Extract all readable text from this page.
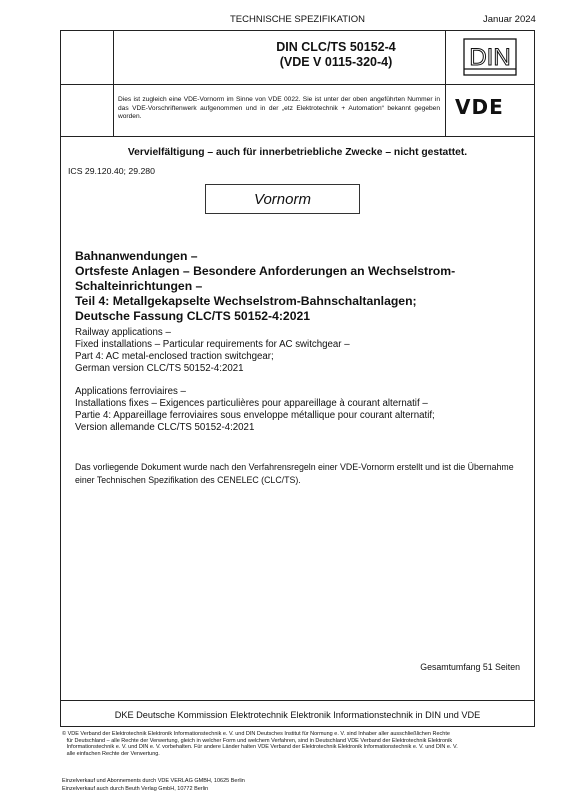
TECHNISCHE SPEZIFIKATION	Januar 2024
DIN CLC/TS 50152-4
(VDE V 0115-320-4)	DIN
Dies ist zugleich eine VDE-Vornorm im Sinne von VDE 0022. Sie ist unter der oben angeführten Nummer in das VDE-Vorschriftenwerk aufgenommen und in der „etz Elektrotechnik + Automation“ bekannt gegeben worden.	VDE
Vervielfältigung – auch für innerbetriebliche Zwecke – nicht gestattet.
ICS 29.120.40; 29.280
Vornorm
Bahnanwendungen –
Ortsfeste Anlagen – Besondere Anforderungen an Wechselstrom-
Schalteinrichtungen –
Teil 4: Metallgekapselte Wechselstrom-Bahnschaltanlagen;
Deutsche Fassung CLC/TS 50152-4:2021
Railway applications –
Fixed installations – Particular requirements for AC switchgear –
Part 4: AC metal-enclosed traction switchgear;
German version CLC/TS 50152-4:2021
Applications ferroviaires –
Installations fixes – Exigences particulières pour appareillage à courant alternatif –
Partie 4: Appareillage ferroviaires sous enveloppe métallique pour courant alternatif;
Version allemande CLC/TS 50152-4:2021
Das vorliegende Dokument wurde nach den Verfahrensregeln einer VDE-Vornorm erstellt und ist die Übernahme einer Technischen Spezifikation des CENELEC (CLC/TS).
Gesamtumfang 51 Seiten
DKE Deutsche Kommission Elektrotechnik Elektronik Informationstechnik in DIN und VDE
© VDE Verband der Elektrotechnik Elektronik Informationstechnik e. V. und DIN Deutsches Institut für Normung e. V. sind Inhaber aller ausschließlichen Rechte
für Deutschland – alle Rechte der Verwertung, gleich in welcher Form und welchem Verfahren, sind in Deutschland VDE Verband der Elektrotechnik Elektronik
Informationstechnik e. V. und DIN e. V. vorbehalten. Für andere Länder halten VDE Verband der Elektrotechnik Elektronik Informationstechnik e. V. und DIN e. V.
alle einfachen Rechte der Verwertung.
Einzelverkauf und Abonnements durch VDE VERLAG GMBH, 10625 Berlin
Einzelverkauf auch durch Beuth Verlag GmbH, 10772 Berlin
